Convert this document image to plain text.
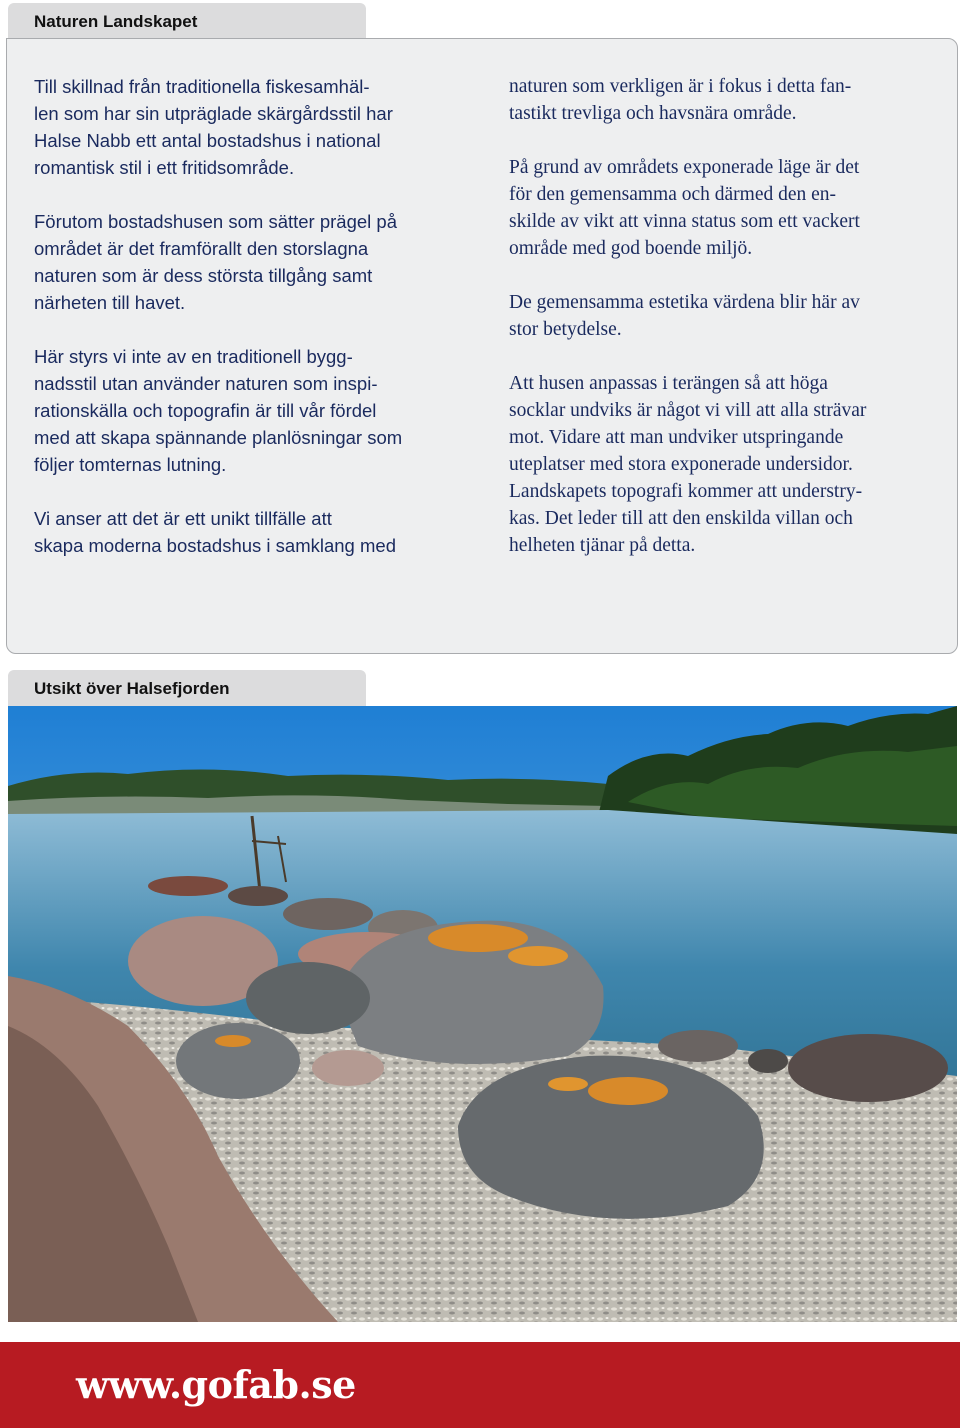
Naturen Landskapet

Till skillnad från traditionella fiskesamhäl-
len som har sin utpräglade skärgårdsstil har
Halse Nabb ett antal bostadshus i national
romantisk stil i ett fritidsområde.

Förutom bostadshusen som sätter prägel på
området är det framförallt den storslagna
naturen som är dess största tillgång samt
närheten till havet.

Här styrs vi inte av en traditionell bygg-
nadsstil utan använder naturen som inspi-
rationskälla och topografin är till vår fördel
med att skapa spännande planlösningar som
följer tomternas lutning.

Vi anser att det är ett unikt tillfälle att
skapa moderna bostadshus i samklang med

naturen som verkligen är i fokus i detta fan-
tastikt trevliga och havsnära område.

På grund av områdets exponerade läge är det
för den gemensamma och därmed den en-
skilde av vikt att vinna status som ett vackert
område med god boende miljö.

De gemensamma estetika värdena blir här av
stor betydelse.

Att husen anpassas i terängen så att höga
socklar undviks är något vi vill att alla strävar
mot. Vidare att man undviker utspringande
uteplatser med stora exponerade undersidor.
Landskapets topografi kommer att understry-
kas. Det leder till att den enskilda villan och
helheten tjänar på detta.

Utsikt över Halsefjorden
www.gofab.se
